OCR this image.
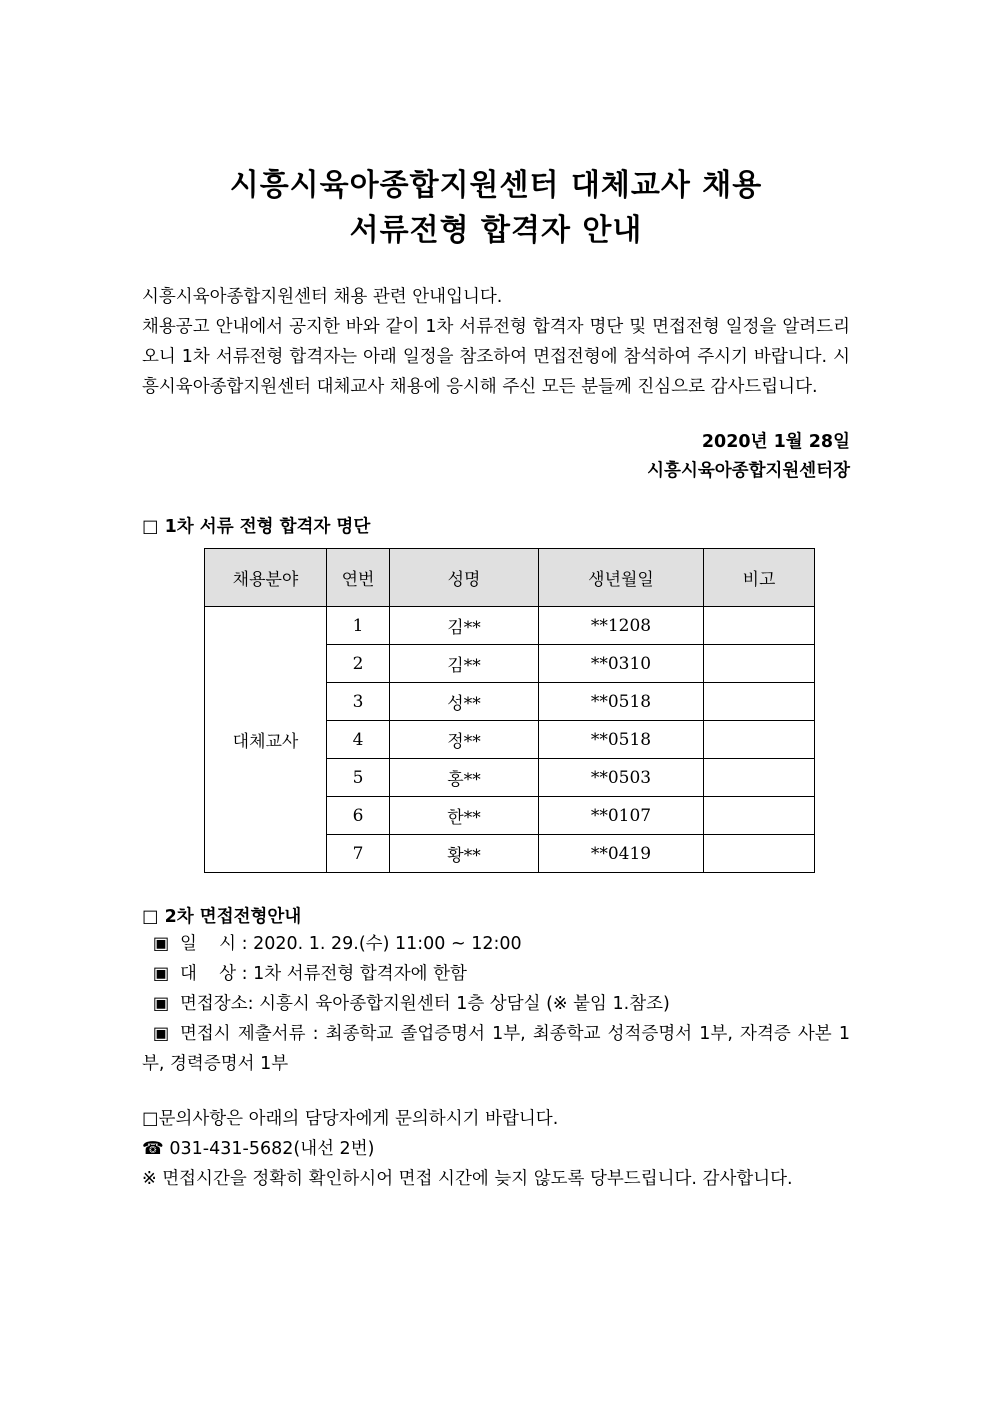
시흥시육아종합지원센터 대체교사 채용
서류전형 합격자 안내

시흥시육아종합지원센터 채용 관련 안내입니다.

채용공고 안내에서 공지한 바와 같이 1차 서류전형 합격자 명단 및 면접전형 일정을 알려드리오니 1차 서류전형 합격자는 아래 일정을 참조하여 면접전형에 참석하여 주시기 바랍니다. 시흥시육아종합지원센터 대체교사 채용에 응시해 주신 모든 분들께 진심으로 감사드립니다.

2020년 1월 28일
시흥시육아종합지원센터장
□ 1차 서류 전형 합격자 명단
채용분야	연번	성명	생년월일	비고
대체교사	1	김**	**1208	
	2	김**	**0310	
	3	성**	**0518	
	4	정**	**0518	
	5	홍**	**0503	
	6	한**	**0107	
	7	황**	**0419	
□ 2차 면접전형안내
▣ 일    시
: 2020. 1. 29.(수) 11:00 ~ 12:00
▣ 대    상
: 1차 서류전형 합격자에 한함
▣ 면접장소:
시흥시 육아종합지원센터 1층 상담실 (※ 붙임 1.참조)
▣ 면접시 제출서류 : 최종학교 졸업증명서 1부, 최종학교 성적증명서 1부, 자격증 사본 1부, 경력증명서 1부

□문의사항은 아래의 담당자에게 문의하시기 바랍니다.

☎ 031-431-5682(내선 2번)

※ 면접시간을 정확히 확인하시어 면접 시간에 늦지 않도록 당부드립니다. 감사합니다.
